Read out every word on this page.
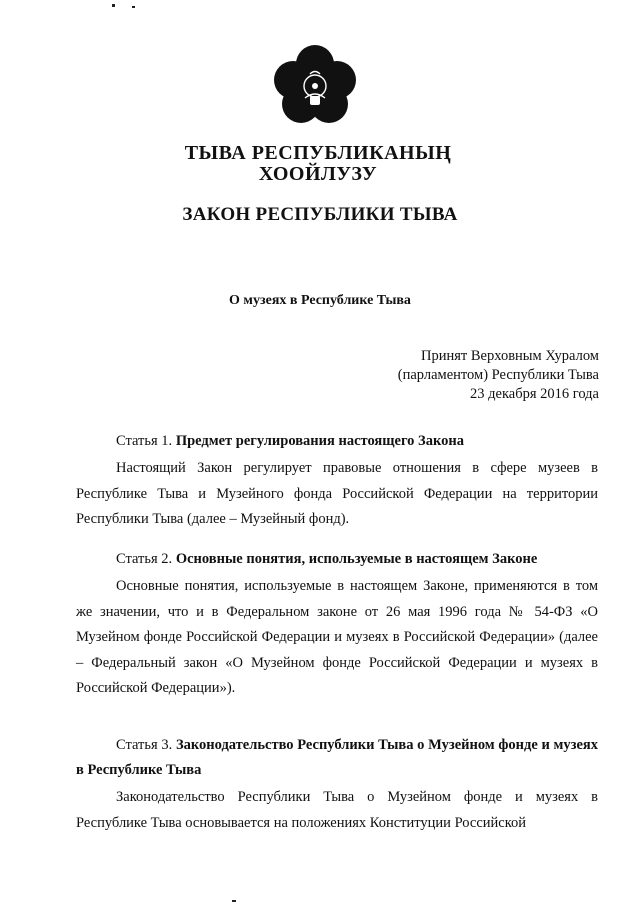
ТЫВА РЕСПУБЛИКАНЫҢ
ХООЙЛУЗУ
ЗАКОН РЕСПУБЛИКИ ТЫВА
О музеях в Республике Тыва
Принят Верховным Хуралом
(парламентом) Республики Тыва
23 декабря 2016 года
Статья 1. Предмет регулирования настоящего Закона
Настоящий Закон регулирует правовые отношения в сфере музеев в Республике Тыва и Музейного фонда Российской Федерации на территории Республики Тыва (далее – Музейный фонд).
Статья 2. Основные понятия, используемые в настоящем Законе
Основные понятия, используемые в настоящем Законе, применяются в том же значении, что и в Федеральном законе от 26 мая 1996 года № 54-ФЗ «О Музейном фонде Российской Федерации и музеях в Российской Федерации» (далее – Федеральный закон «О Музейном фонде Российской Федерации и музеях в Российской Федерации»).
Статья 3. Законодательство Республики Тыва о Музейном фонде и музеях в Республике Тыва
Законодательство Республики Тыва о Музейном фонде и музеях в Республике Тыва основывается на положениях Конституции Российской
